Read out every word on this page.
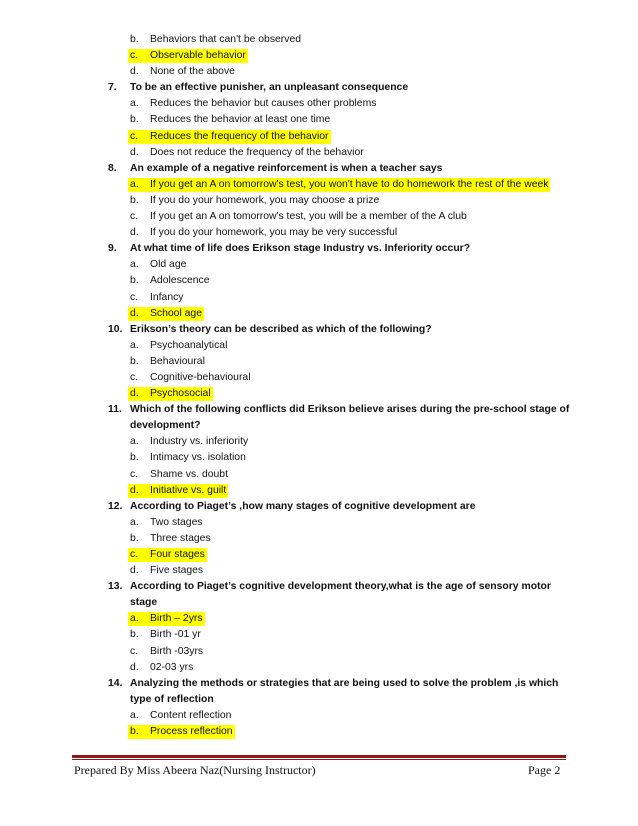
b. Behaviors that can't be observed
c. Observable behavior
d. None of the above
7. To be an effective punisher, an unpleasant consequence
a. Reduces the behavior but causes other problems
b. Reduces the behavior at least one time
c. Reduces the frequency of the behavior
d. Does not reduce the frequency of the behavior
8. An example of a negative reinforcement is when a teacher says
a. If you get an A on tomorrow's test, you won't have to do homework the rest of the week
b. If you do your homework, you may choose a prize
c. If you get an A on tomorrow's test, you will be a member of the A club
d. If you do your homework, you may be very successful
9. At what time of life does Erikson stage Industry vs. Inferiority occur?
a. Old age
b. Adolescence
c. Infancy
d. School age
10. Erikson’s theory can be described as which of the following?
a. Psychoanalytical
b. Behavioural
c. Cognitive-behavioural
d. Psychosocial
11. Which of the following conflicts did Erikson believe arises during the pre-school stage of development?
a. Industry vs. inferiority
b. Intimacy vs. isolation
c. Shame vs. doubt
d. Initiative vs. guilt
12. According to Piaget’s ,how many stages of cognitive development are
a. Two stages
b. Three stages
c. Four stages
d. Five stages
13. According to Piaget’s cognitive development theory,what is the age of sensory motor stage
a. Birth – 2yrs
b. Birth -01 yr
c. Birth -03yrs
d. 02-03 yrs
14. Analyzing the methods or strategies that are being used to solve the problem ,is which type of reflection
a. Content reflection
b. Process reflection
Prepared By Miss Abeera Naz(Nursing Instructor)	Page 2
